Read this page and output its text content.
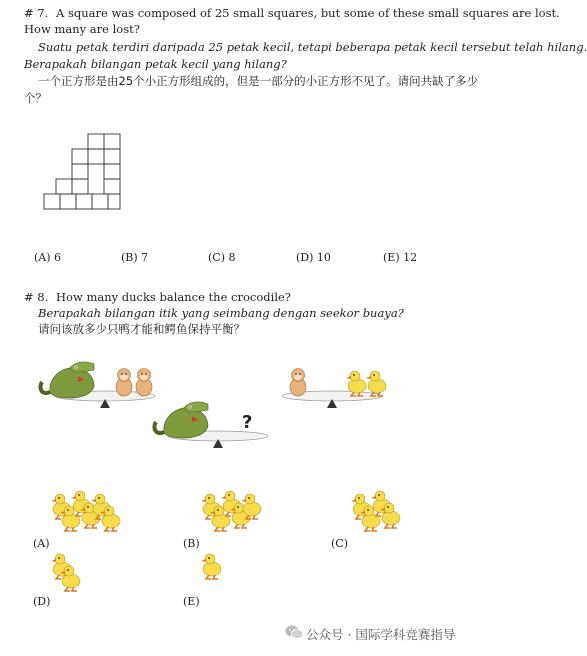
# 7. A square was composed of 25 small squares, but some of these small squares are lost.
How many are lost?
Suatu petak terdiri daripada 25 petak kecil, tetapi beberapa petak kecil tersebut telah hilang.
Berapakah bilangan petak kecil yang hilang?
一个正方形是由25个小正方形组成的，但是一部分的小正方形不见了。请问共缺了多少
个？
(A) 6	(B) 7	(C) 8	(D) 10	(E) 12
# 8. How many ducks balance the crocodile?
Berapakah bilangan itik yang seimbang dengan seekor buaya?
请问该放多少只鸭才能和鳄鱼保持平衡？
?
(A)	(B)	(C)
(D)	(E)
公众号 · 国际学科竞赛指导
